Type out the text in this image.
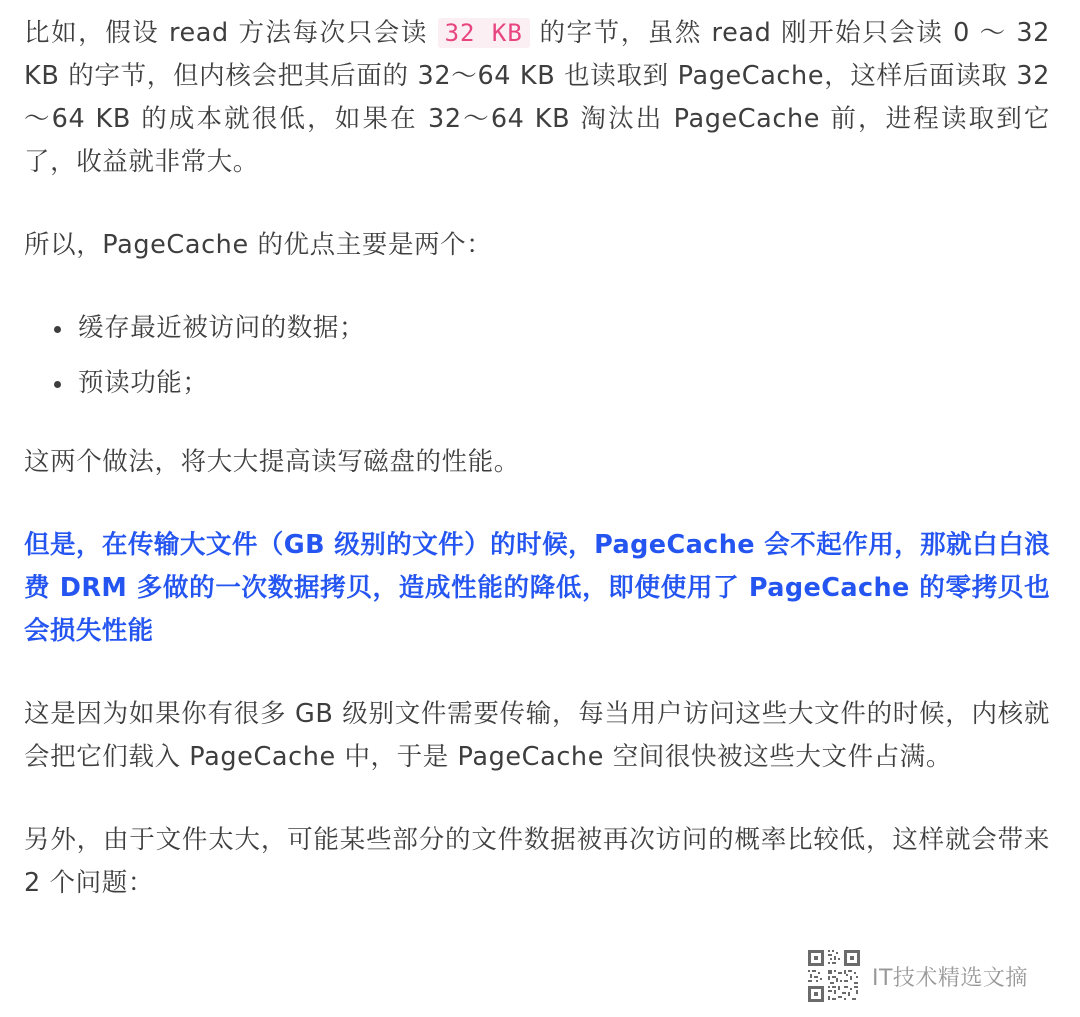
比如，假设 read 方法每次只会读 32 KB 的字节，虽然 read 刚开始只会读 0 ～ 32 KB 的字节，但内核会把其后面的 32～64 KB 也读取到 PageCache，这样后面读取 32～64 KB 的成本就很低，如果在 32～64 KB 淘汰出 PageCache 前，进程读取到它了，收益就非常大。

所以，PageCache 的优点主要是两个：

缓存最近被访问的数据；
预读功能；

这两个做法，将大大提高读写磁盘的性能。

但是，在传输大文件（GB 级别的文件）的时候，PageCache 会不起作用，那就白白浪费 DRM 多做的一次数据拷贝，造成性能的降低，即使使用了 PageCache 的零拷贝也会损失性能

这是因为如果你有很多 GB 级别文件需要传输，每当用户访问这些大文件的时候，内核就会把它们载入 PageCache 中，于是 PageCache 空间很快被这些大文件占满。

另外，由于文件太大，可能某些部分的文件数据被再次访问的概率比较低，这样就会带来 2 个问题：

IT技术精选文摘
